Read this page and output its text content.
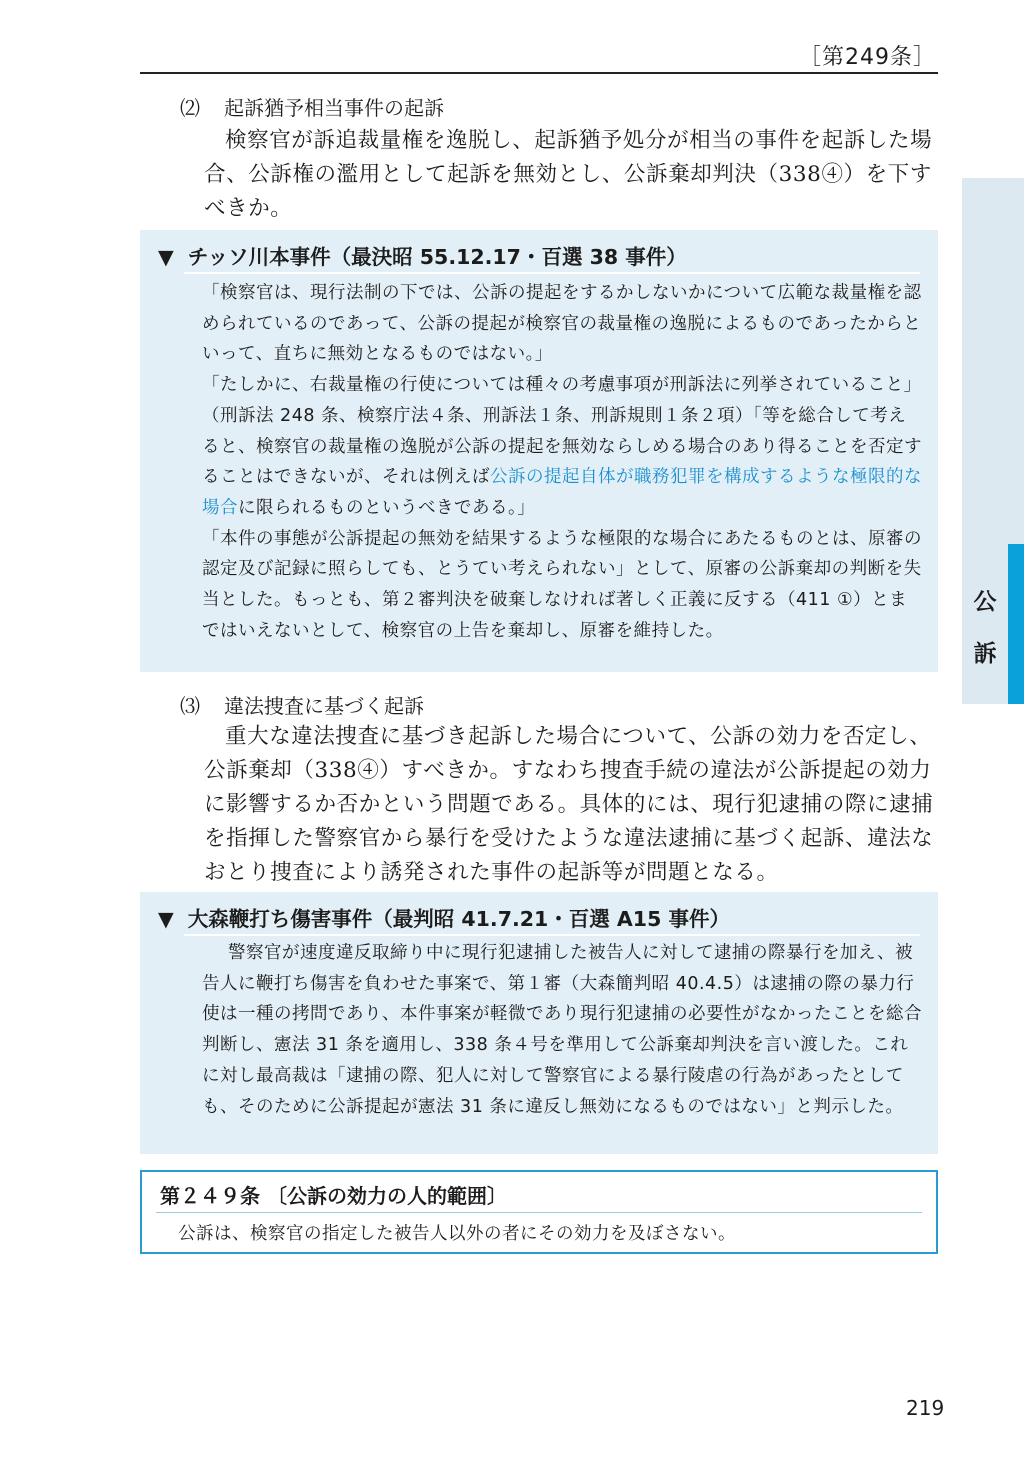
［第249条］
公
訴
⑵ 起訴猶予相当事件の起訴

検察官が訴追裁量権を逸脱し、起訴猶予処分が相当の事件を起訴した場合、公訴権の濫用として起訴を無効とし、公訴棄却判決（338④）を下すべきか。

▼ チッソ川本事件（最決昭 55.12.17・百選 38 事件）

「検察官は、現行法制の下では、公訴の提起をするかしないかについて広範な裁量権を認められているのであって、公訴の提起が検察官の裁量権の逸脱によるものであったからといって、直ちに無効となるものではない。」

「たしかに、右裁量権の行使については種々の考慮事項が刑訴法に列挙されていること」（刑訴法 248 条、検察庁法４条、刑訴法１条、刑訴規則１条２項）「等を総合して考えると、検察官の裁量権の逸脱が公訴の提起を無効ならしめる場合のあり得ることを否定することはできないが、それは例えば公訴の提起自体が職務犯罪を構成するような極限的な場合に限られるものというべきである。」

「本件の事態が公訴提起の無効を結果するような極限的な場合にあたるものとは、原審の認定及び記録に照らしても、とうてい考えられない」として、原審の公訴棄却の判断を失当とした。もっとも、第２審判決を破棄しなければ著しく正義に反する（411 ①）とまではいえないとして、検察官の上告を棄却し、原審を維持した。

⑶ 違法捜査に基づく起訴

重大な違法捜査に基づき起訴した場合について、公訴の効力を否定し、公訴棄却（338④）すべきか。すなわち捜査手続の違法が公訴提起の効力に影響するか否かという問題である。具体的には、現行犯逮捕の際に逮捕を指揮した警察官から暴行を受けたような違法逮捕に基づく起訴、違法なおとり捜査により誘発された事件の起訴等が問題となる。

▼ 大森鞭打ち傷害事件（最判昭 41.7.21・百選 A15 事件）

警察官が速度違反取締り中に現行犯逮捕した被告人に対して逮捕の際暴行を加え、被告人に鞭打ち傷害を負わせた事案で、第１審（大森簡判昭 40.4.5）は逮捕の際の暴力行使は一種の拷問であり、本件事案が軽微であり現行犯逮捕の必要性がなかったことを総合判断し、憲法 31 条を適用し、338 条４号を準用して公訴棄却判決を言い渡した。これに対し最高裁は「逮捕の際、犯人に対して警察官による暴行陵虐の行為があったとしても、そのために公訴提起が憲法 31 条に違反し無効になるものではない」と判示した。

第２４９条 〔公訴の効力の人的範囲〕
公訴は、検察官の指定した被告人以外の者にその効力を及ぼさない。
219
